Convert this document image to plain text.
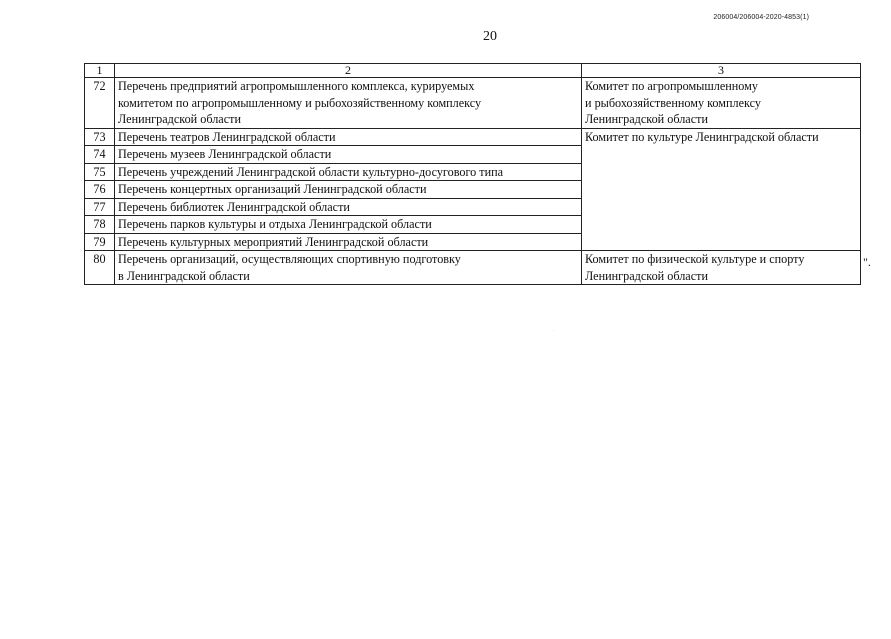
206004/206004-2020-4853(1)
20
1	2	3
72	Перечень предприятий агропромышленного комплекса, курируемых
комитетом по агропромышленному и рыбохозяйственному комплексу
Ленинградской области	Комитет по агропромышленному
и рыбохозяйственному комплексу
Ленинградской области
73	Перечень театров Ленинградской области	Комитет по культуре Ленинградской области
74	Перечень музеев Ленинградской области	
75	Перечень учреждений Ленинградской области культурно-досугового типа	
76	Перечень концертных организаций Ленинградской области	
77	Перечень библиотек Ленинградской области	
78	Перечень парков культуры и отдыха Ленинградской области	
79	Перечень культурных мероприятий Ленинградской области	
80	Перечень организаций, осуществляющих спортивную подготовку
в Ленинградской области	Комитет по физической культуре и спорту
Ленинградской области
".
·
